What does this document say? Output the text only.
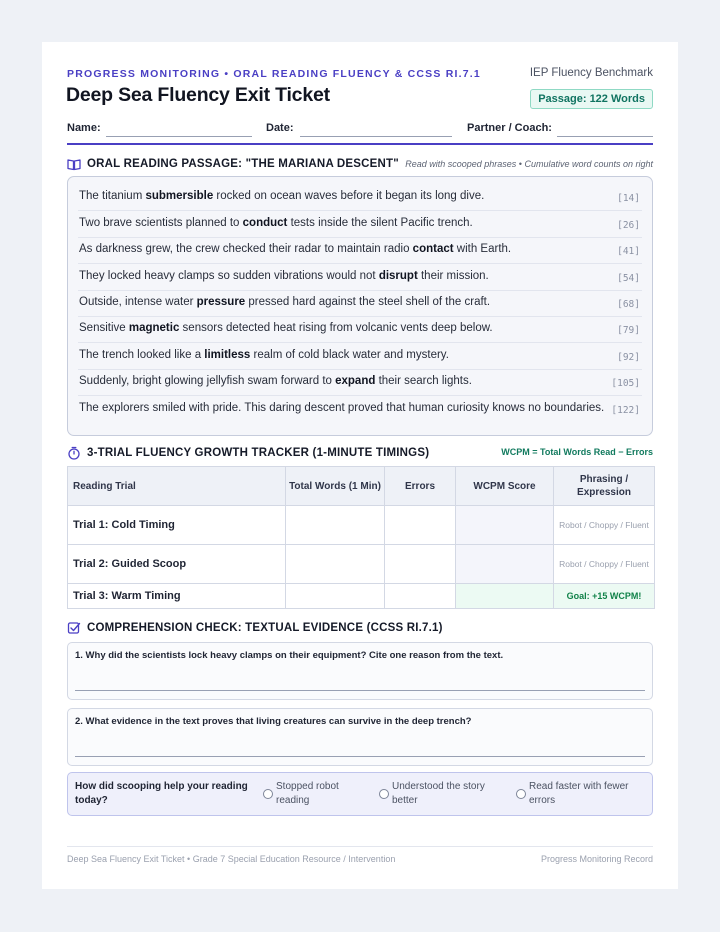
PROGRESS MONITORING • ORAL READING FLUENCY & CCSS RI.7.1	IEP Fluency Benchmark
Deep Sea Fluency Exit Ticket	Passage: 122 Words
Name:	Date:	Partner / Coach:
ORAL READING PASSAGE: "THE MARIANA DESCENT" Read with scooped phrases • Cumulative word counts on right
The titanium submersible rocked on ocean waves before it began its long dive.	[14]
Two brave scientists planned to conduct tests inside the silent Pacific trench.	[26]
As darkness grew, the crew checked their radar to maintain radio contact with Earth.	[41]
They locked heavy clamps so sudden vibrations would not disrupt their mission.	[54]
Outside, intense water pressure pressed hard against the steel shell of the craft.	[68]
Sensitive magnetic sensors detected heat rising from volcanic vents deep below.	[79]
The trench looked like a limitless realm of cold black water and mystery.	[92]
Suddenly, bright glowing jellyfish swam forward to expand their search lights.	[105]
The explorers smiled with pride. This daring descent proved that human curiosity knows no boundaries. [122]
3-TRIAL FLUENCY GROWTH TRACKER (1-MINUTE TIMINGS)	WCPM = Total Words Read − Errors
Reading Trial	Total Words (1 Min)	Errors	WCPM Score	Phrasing / Expression
Trial 1: Cold Timing				Robot / Choppy / Fluent
Trial 2: Guided Scoop				Robot / Choppy / Fluent
Trial 3: Warm Timing				Goal: +15 WCPM!
COMPREHENSION CHECK: TEXTUAL EVIDENCE (CCSS RI.7.1)
1. Why did the scientists lock heavy clamps on their equipment? Cite one reason from the text.
2. What evidence in the text proves that living creatures can survive in the deep trench?
How did scooping help your reading
today?
Stopped robot
reading
Understood the story
better
Read faster with fewer
errors
Deep Sea Fluency Exit Ticket • Grade 7 Special Education Resource / Intervention	Progress Monitoring Record
